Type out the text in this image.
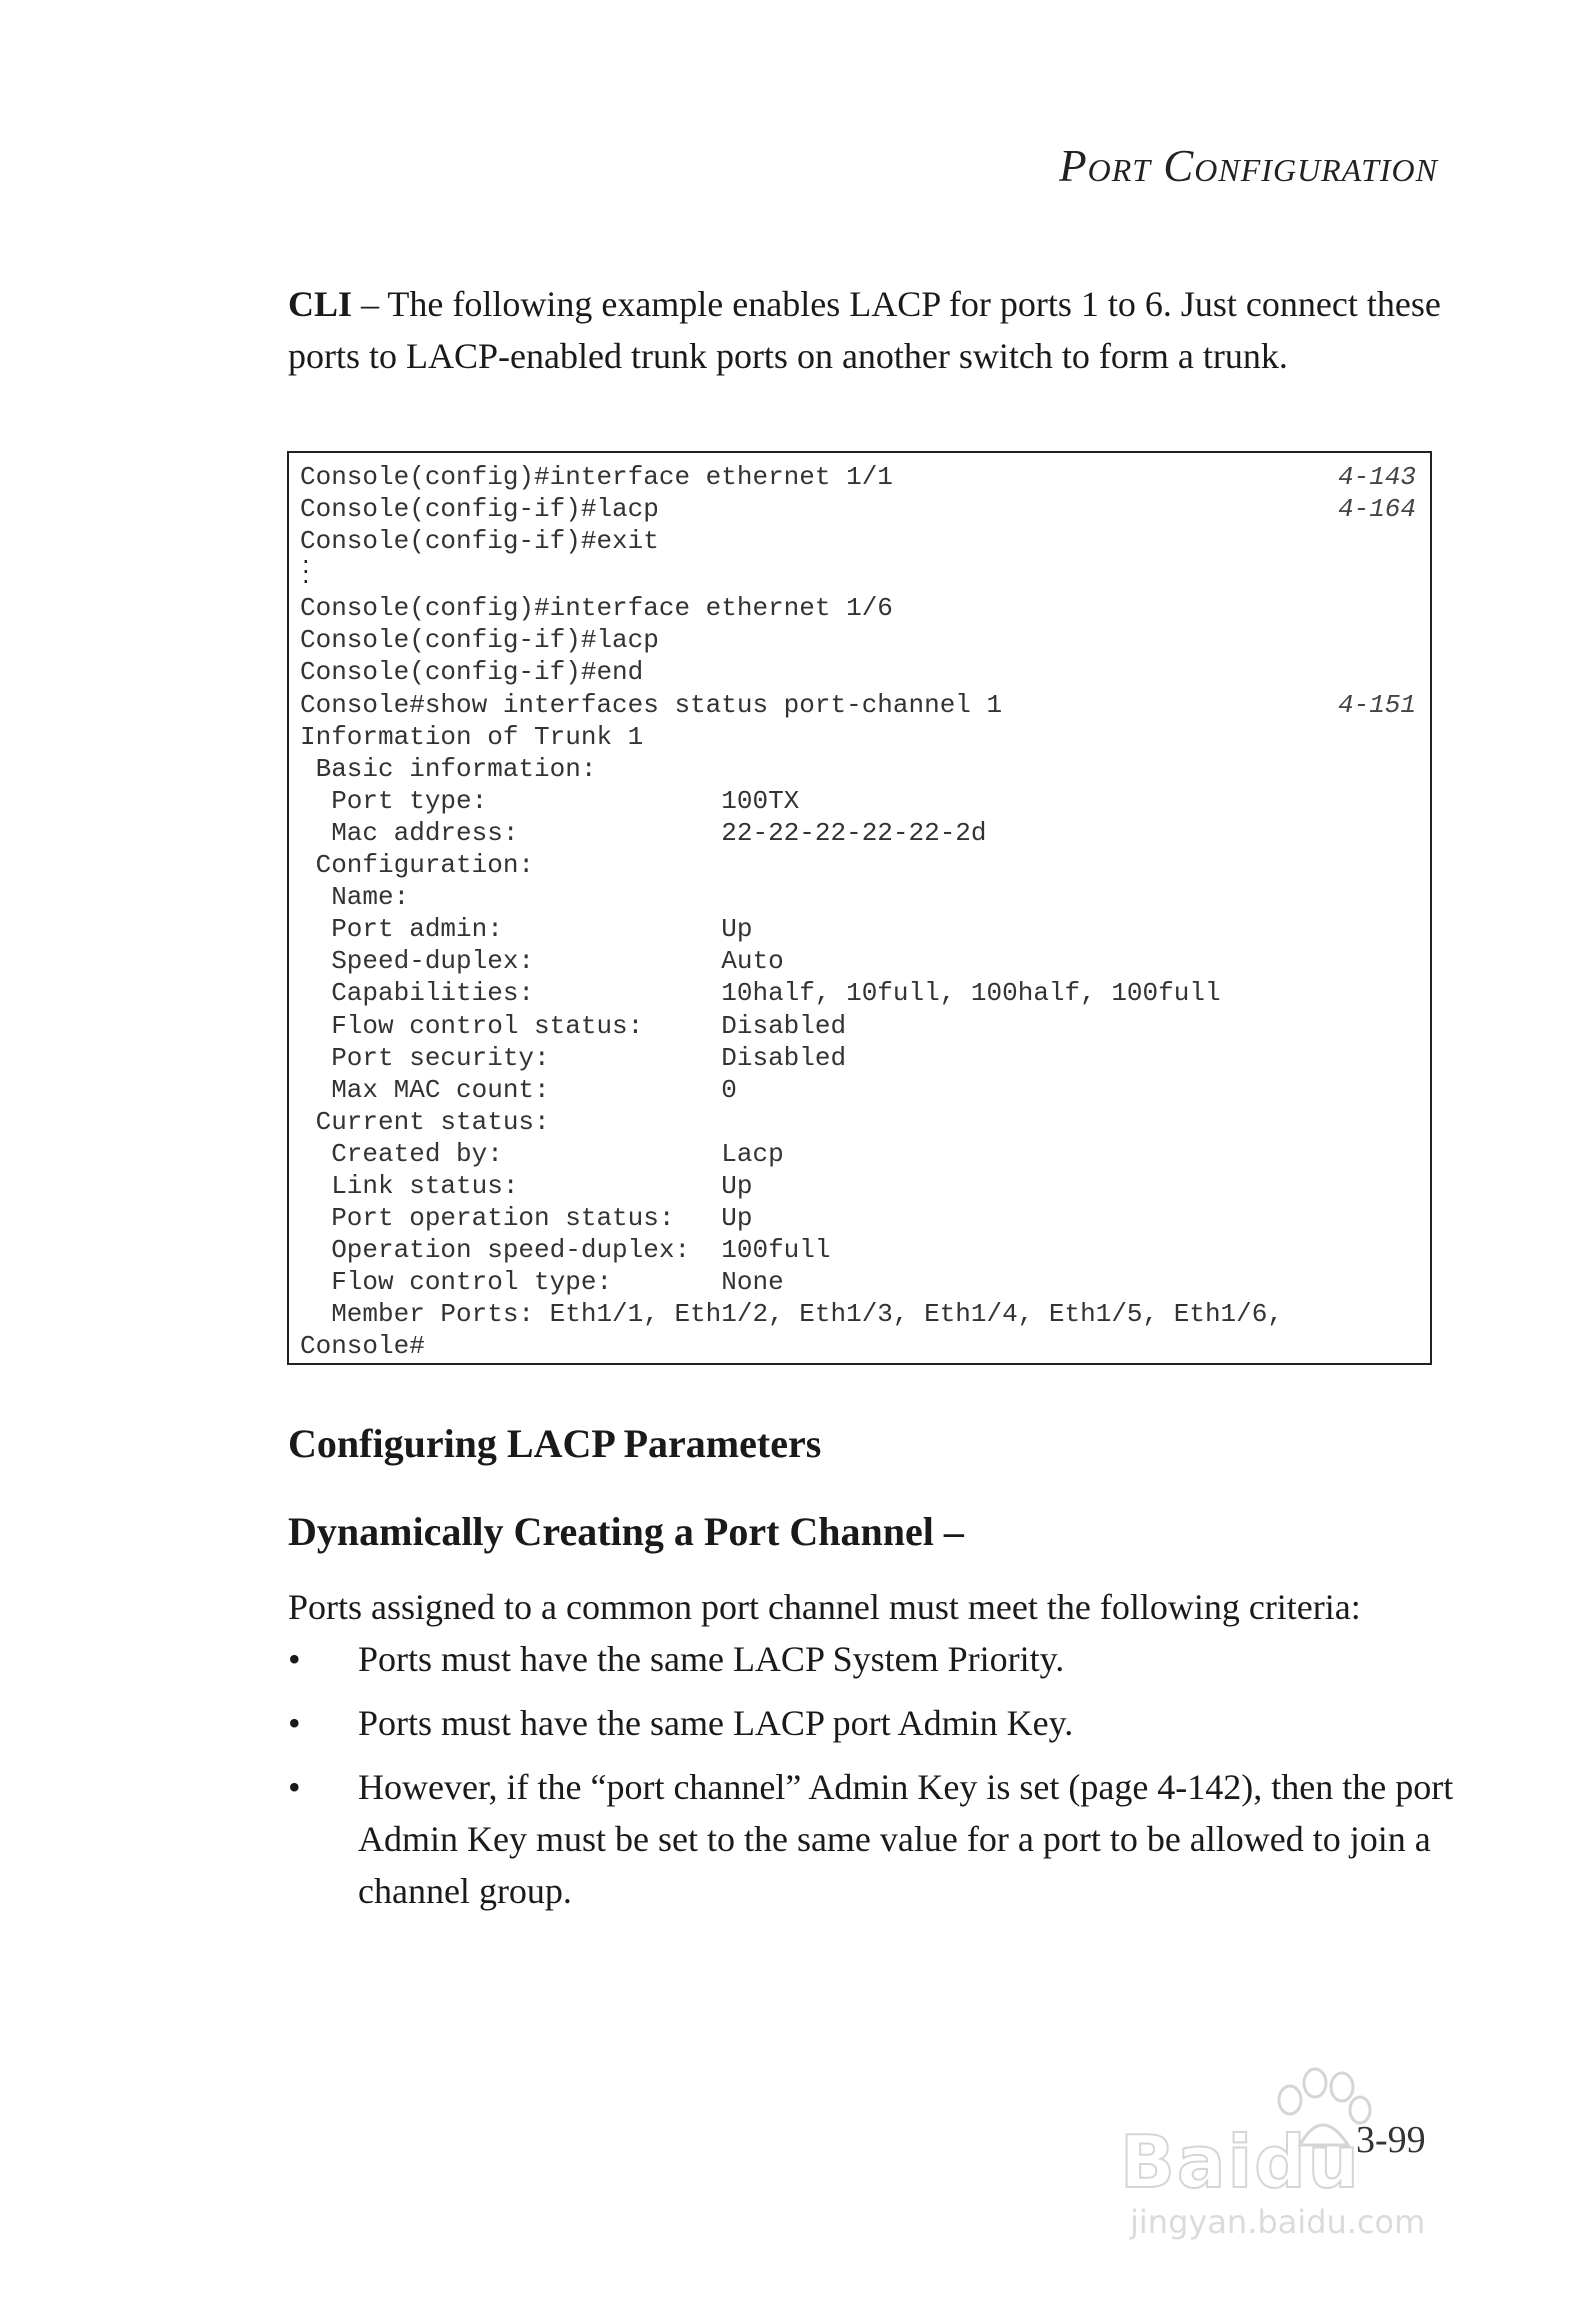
Port Configuration

CLI – The following example enables LACP for ports 1 to 6. Just connect these ports to LACP-enabled trunk ports on another switch to form a trunk.

Console(config)#interface ethernet 1/1	4-143
Console(config-if)#lacp	4-164
Console(config-if)#exit
·
·
·
Console(config)#interface ethernet 1/6
Console(config-if)#lacp
Console(config-if)#end
Console#show interfaces status port-channel 1	4-151
Information of Trunk 1
Basic information:
Port type:               100TX
Mac address:             22-22-22-22-22-2d
Configuration:
Name:
Port admin:              Up
Speed-duplex:            Auto
Capabilities:            10half, 10full, 100half, 100full
Flow control status:     Disabled
Port security:           Disabled
Max MAC count:           0
Current status:
Created by:              Lacp
Link status:             Up
Port operation status:   Up
Operation speed-duplex:  100full
Flow control type:       None
Member Ports: Eth1/1, Eth1/2, Eth1/3, Eth1/4, Eth1/5, Eth1/6,
Console#
Configuring LACP Parameters
Dynamically Creating a Port Channel –

Ports assigned to a common port channel must meet the following criteria:

• Ports must have the same LACP System Priority.
• Ports must have the same LACP port Admin Key.
• However, if the “port channel” Admin Key is set (page 4-142), then the port Admin Key must be set to the same value for a port to be allowed to join a channel group.
Baidu
jingyan.baidu.com
3-99
